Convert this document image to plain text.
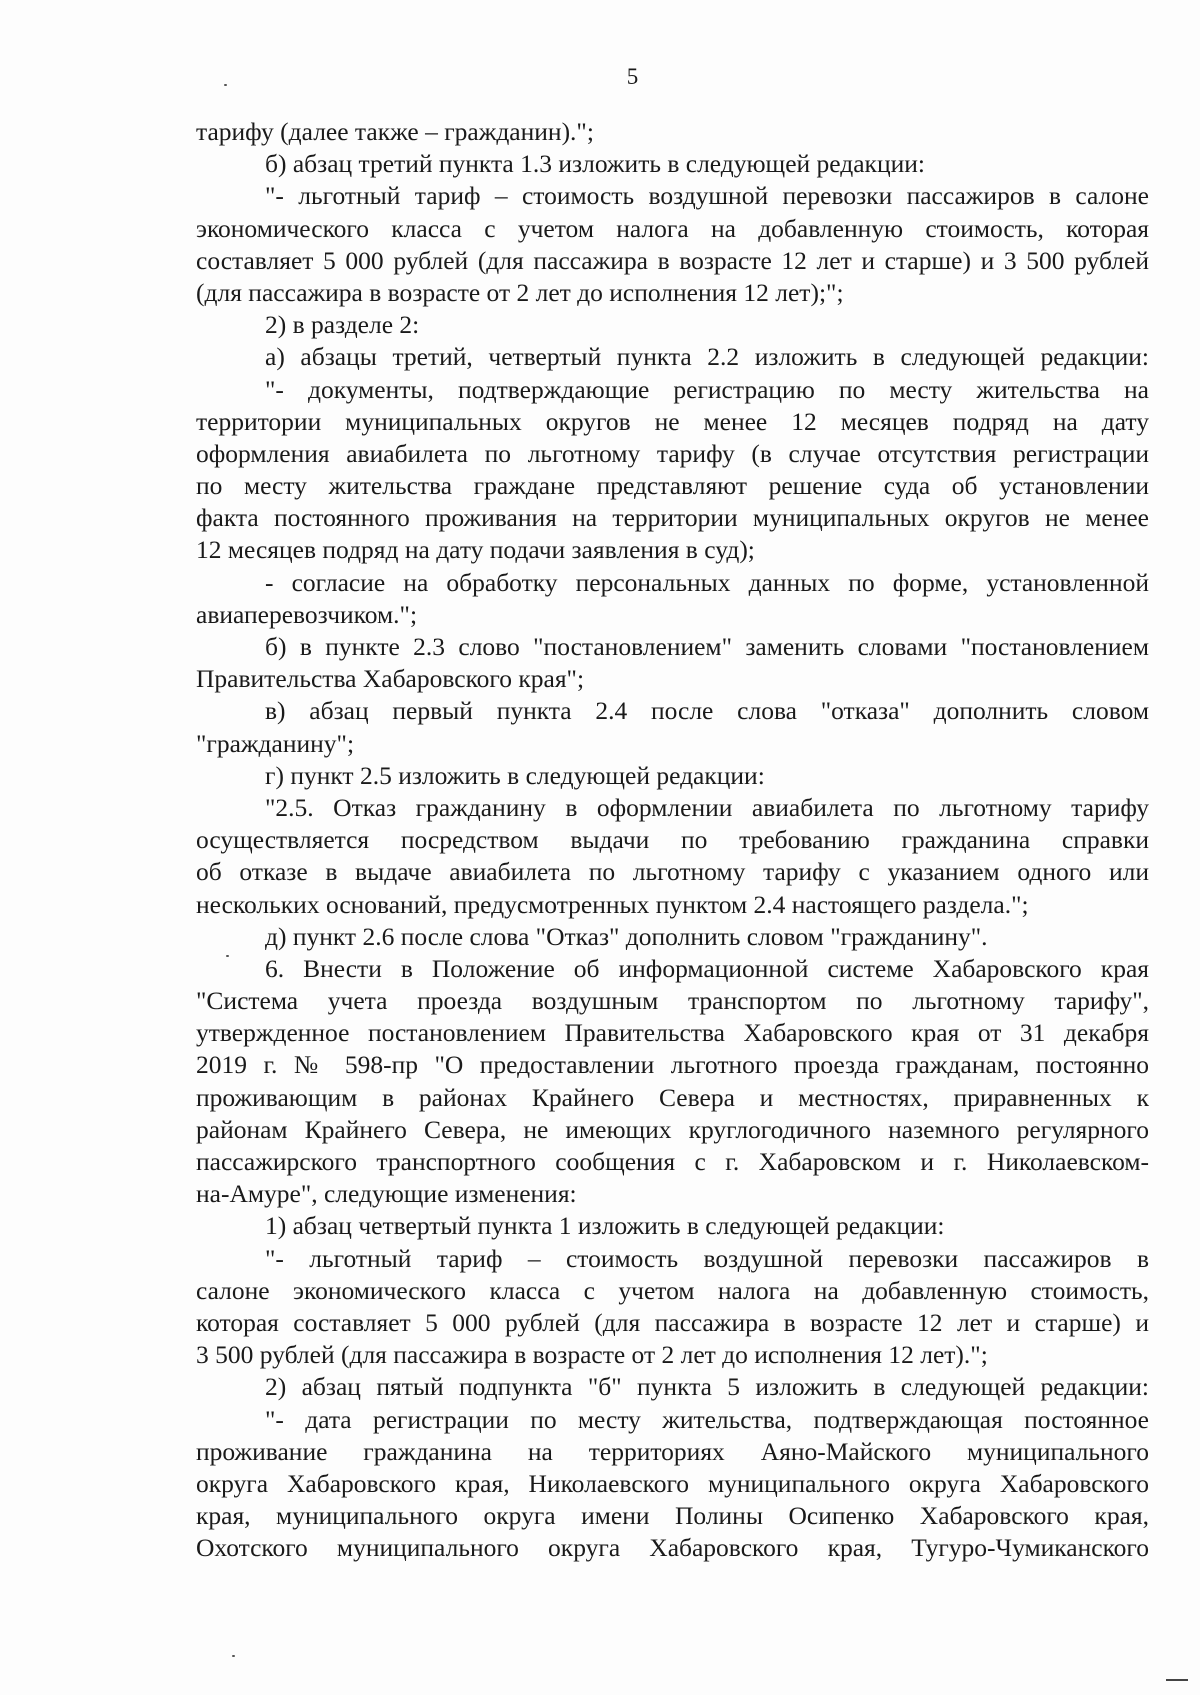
5
тарифу (далее также – гражданин).";
б) абзац третий пункта 1.3 изложить в следующей редакции:
"- льготный тариф – стоимость воздушной перевозки пассажиров в салоне
экономического класса с учетом налога на добавленную стоимость, которая
составляет 5 000 рублей (для пассажира в возрасте 12 лет и старше) и 3 500 рублей
(для пассажира в возрасте от 2 лет до исполнения 12 лет);";
2) в разделе 2:
а) абзацы третий, четвертый пункта 2.2 изложить в следующей редакции:
"- документы, подтверждающие регистрацию по месту жительства на
территории муниципальных округов не менее 12 месяцев подряд на дату
оформления авиабилета по льготному тарифу (в случае отсутствия регистрации
по месту жительства граждане представляют решение суда об установлении
факта постоянного проживания на территории муниципальных округов не менее
12 месяцев подряд на дату подачи заявления в суд);
- согласие на обработку персональных данных по форме, установленной
авиаперевозчиком.";
б) в пункте 2.3 слово "постановлением" заменить словами "постановлением
Правительства Хабаровского края";
в) абзац первый пункта 2.4 после слова "отказа" дополнить словом
"гражданину";
г) пункт 2.5 изложить в следующей редакции:
"2.5. Отказ гражданину в оформлении авиабилета по льготному тарифу
осуществляется посредством выдачи по требованию гражданина справки
об отказе в выдаче авиабилета по льготному тарифу с указанием одного или
нескольких оснований, предусмотренных пунктом 2.4 настоящего раздела.";
д) пункт 2.6 после слова "Отказ" дополнить словом "гражданину".
6. Внести в Положение об информационной системе Хабаровского края
"Система учета проезда воздушным транспортом по льготному тарифу",
утвержденное постановлением Правительства Хабаровского края от 31 декабря
2019 г. № 598-пр "О предоставлении льготного проезда гражданам, постоянно
проживающим в районах Крайнего Севера и местностях, приравненных к
районам Крайнего Севера, не имеющих круглогодичного наземного регулярного
пассажирского транспортного сообщения с г. Хабаровском и г. Николаевском-
на-Амуре", следующие изменения:
1) абзац четвертый пункта 1 изложить в следующей редакции:
"- льготный тариф – стоимость воздушной перевозки пассажиров в
салоне экономического класса с учетом налога на добавленную стоимость,
которая составляет 5 000 рублей (для пассажира в возрасте 12 лет и старше) и
3 500 рублей (для пассажира в возрасте от 2 лет до исполнения 12 лет).";
2) абзац пятый подпункта "б" пункта 5 изложить в следующей редакции:
"- дата регистрации по месту жительства, подтверждающая постоянное
проживание гражданина на территориях Аяно-Майского муниципального
округа Хабаровского края, Николаевского муниципального округа Хабаровского
края, муниципального округа имени Полины Осипенко Хабаровского края,
Охотского муниципального округа Хабаровского края, Тугуро-Чумиканского
